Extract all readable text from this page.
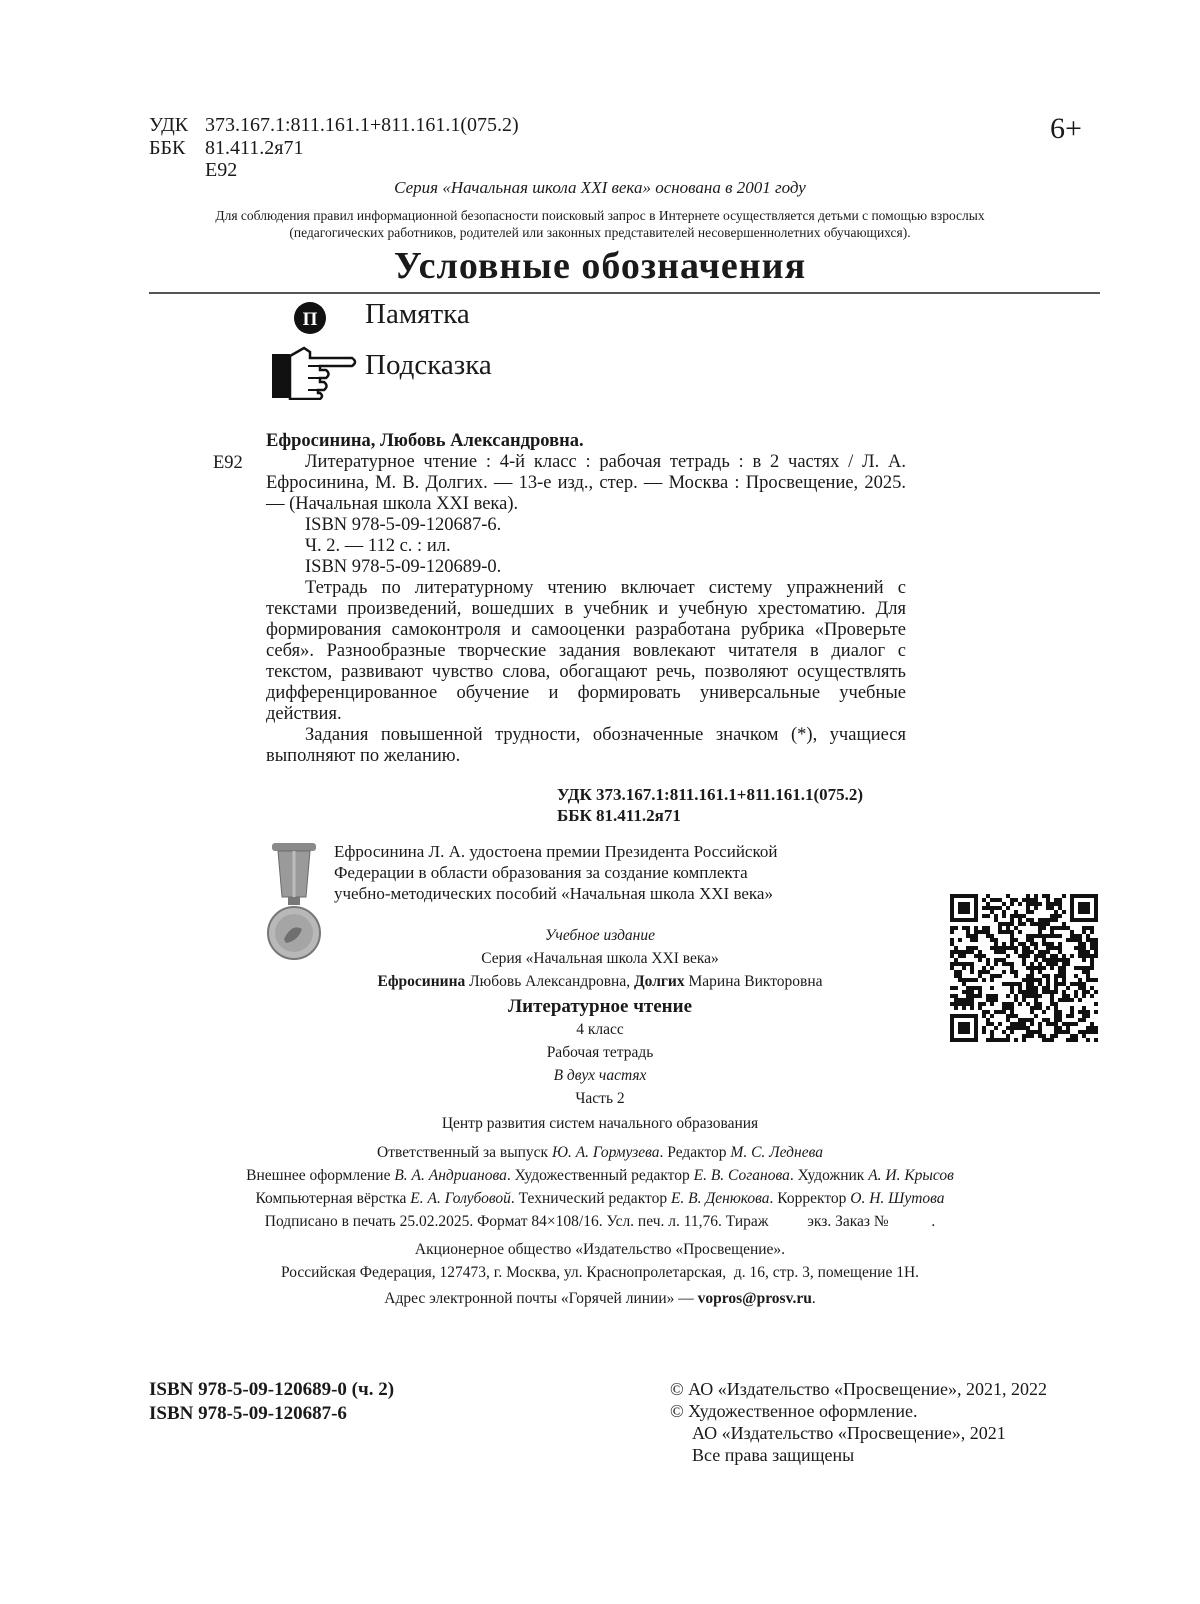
УДК 373.167.1:811.161.1+811.161.1(075.2)
ББК 81.411.2я71
Е92
6+
Серия «Начальная школа XXI века» основана в 2001 году
Для соблюдения правил информационной безопасности поисковый запрос в Интернете осуществляется детьми с помощью взрослых
(педагогических работников, родителей или законных представителей несовершеннолетних обучающихся).
Условные обозначения
П Памятка
Подсказка
Е92

Ефросинина, Любовь Александровна.

Литературное чтение : 4-й класс : рабочая тетрадь : в 2 частях / Л. А. Ефросинина, М. В. Долгих. — 13-е изд., стер. — Москва : Просвещение, 2025. — (Начальная школа XXI века).

ISBN 978-5-09-120687-6.

Ч. 2. — 112 с. : ил.

ISBN 978-5-09-120689-0.

Тетрадь по литературному чтению включает систему упражнений с текстами произведений, вошедших в учебник и учебную хрестоматию. Для формирования самоконтроля и самооценки разработана рубрика «Проверьте себя». Разнообразные творческие задания вовлекают читателя в диалог с текстом, развивают чувство слова, обогащают речь, позволяют осуществлять дифференцированное обучение и формировать универсальные учебные действия.

Задания повышенной трудности, обозначенные значком (*), учащиеся выполняют по желанию.

УДК 373.167.1:811.161.1+811.161.1(075.2)
ББК 81.411.2я71
Ефросинина Л. А. удостоена премии Президента Российской
Федерации в области образования за создание комплекта
учебно-методических пособий «Начальная школа XXI века»
Учебное издание
Серия «Начальная школа XXI века»
Ефросинина Любовь Александровна, Долгих Марина Викторовна
Литературное чтение
4 класс
Рабочая тетрадь
В двух частях
Часть 2
Центр развития систем начального образования
Ответственный за выпуск Ю. А. Гормузева. Редактор М. С. Леднева
Внешнее оформление В. А. Андрианова. Художественный редактор Е. В. Соганова. Художник А. И. Крысов
Компьютерная вёрстка Е. А. Голубовой. Технический редактор Е. В. Денюкова. Корректор О. Н. Шутова
Подписано в печать 25.02.2025. Формат 84×108/16. Усл. печ. л. 11,76. Тираж          экз. Заказ №           .
Акционерное общество «Издательство «Просвещение».
Российская Федерация, 127473, г. Москва, ул. Краснопролетарская,  д. 16, стр. 3, помещение 1Н.
Адрес электронной почты «Горячей линии» — vopros@prosv.ru.
ISBN 978-5-09-120689-0 (ч. 2)
ISBN 978-5-09-120687-6
© АО «Издательство «Просвещение», 2021, 2022
© Художественное оформление.
АО «Издательство «Просвещение», 2021
Все права защищены
